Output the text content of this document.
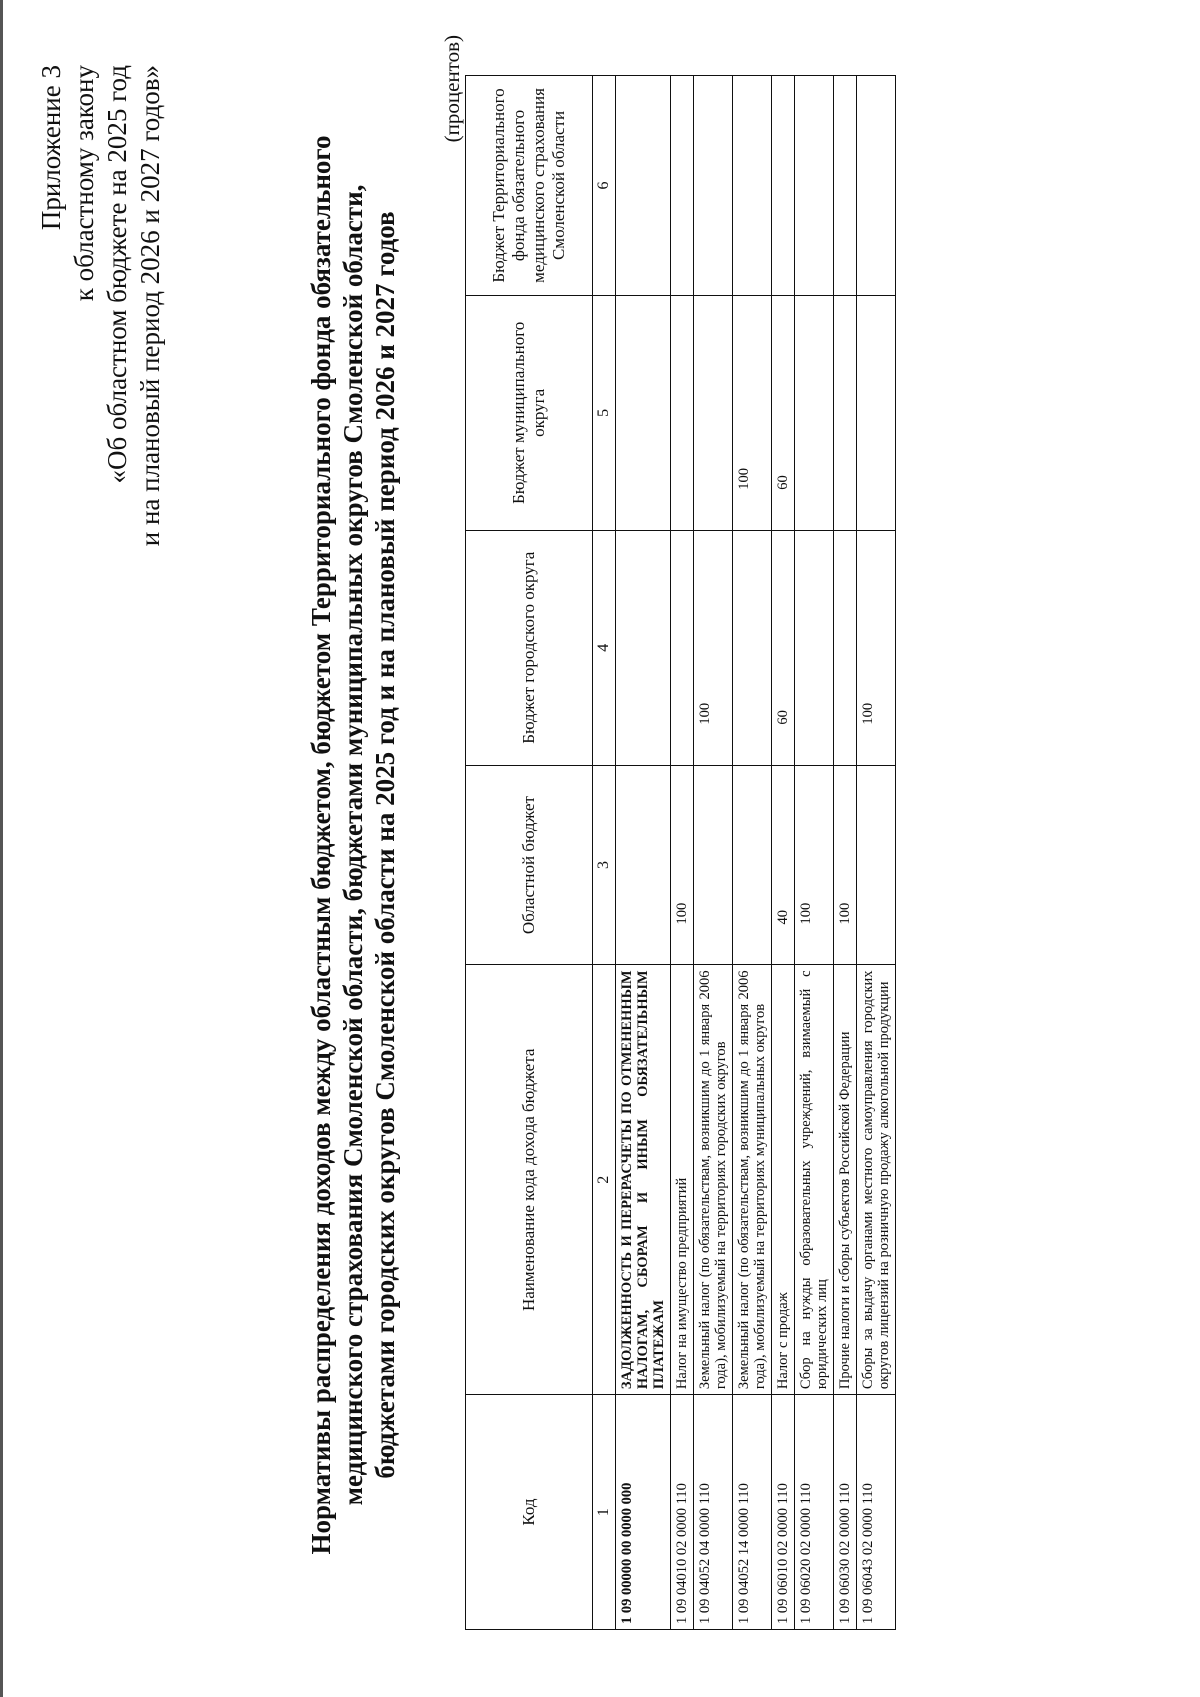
Приложение 3 к областному закону «Об областном бюджете на 2025 год и на плановый период 2026 и 2027 годов»	Нормативы распределения доходов между областным бюджетом, бюджетом Территориального фонда обязательного медицинского страхования Смоленской области, бюджетами муниципальных округов Смоленской области, бюджетами городских округов Смоленской области на 2025 год и на плановый период 2026 и 2027 годов
(процентов)
Код	Наименование кода дохода бюджета	Областной бюджет	Бюджет городского округа	Бюджет муниципального округа	Бюджет Территориального фонда обязательного медицинского страхования Смоленской области
1	2	3	4	5	6
1 09 00000 00 0000 000	ЗАДОЛЖЕННОСТЬ И ПЕРЕРАСЧЕТЫ ПО ОТМЕНЕННЫМ НАЛОГАМ, СБОРАМ И ИНЫМ ОБЯЗАТЕЛЬНЫМ ПЛАТЕЖАМ				
1 09 04010 02 0000 110	Налог на имущество предприятий	100			
1 09 04052 04 0000 110	Земельный налог (по обязательствам, возникшим до 1 января 2006 года), мобилизуемый на территориях городских округов		100		
1 09 04052 14 0000 110	Земельный налог (по обязательствам, возникшим до 1 января 2006 года), мобилизуемый на территориях муниципальных округов			100	
1 09 06010 02 0000 110	Налог с продаж	40	60	60	
1 09 06020 02 0000 110	Сбор на нужды образовательных учреждений, взимаемый с юридических лиц	100			
1 09 06030 02 0000 110	Прочие налоги и сборы субъектов Российской Федерации	100			
1 09 06043 02 0000 110	Сборы за выдачу органами местного самоуправления городских округов лицензий на розничную продажу алкогольной продукции		100		
